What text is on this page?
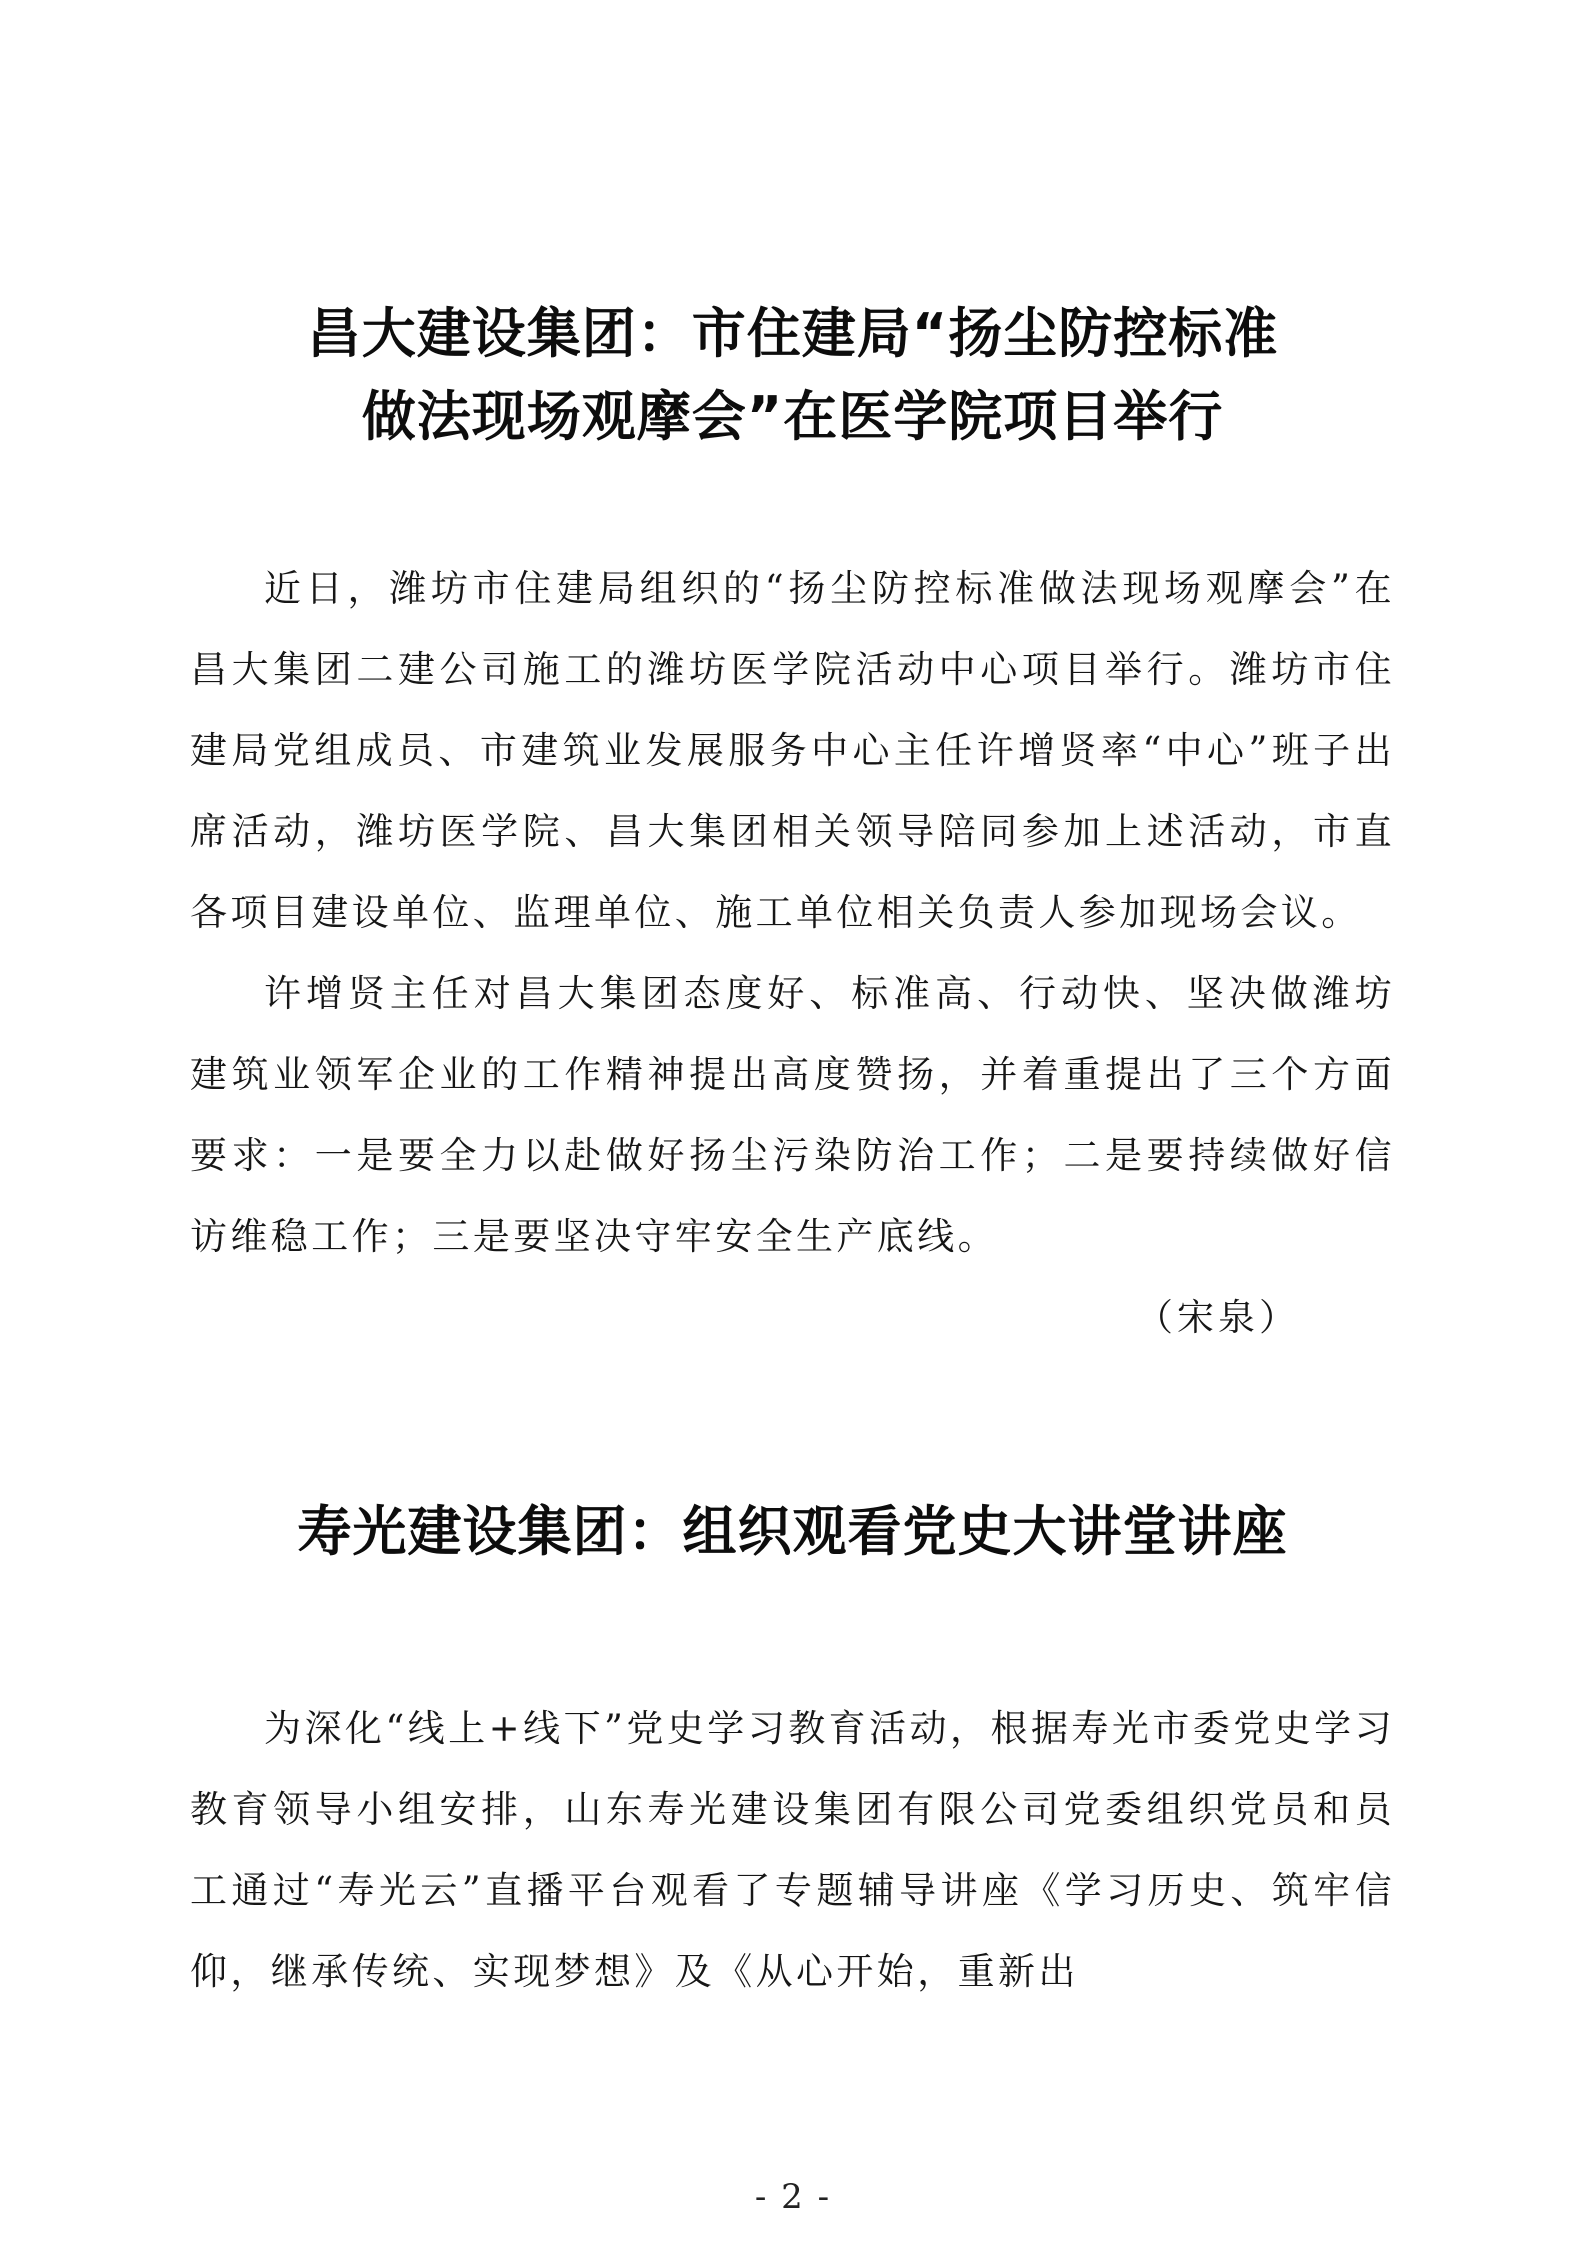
昌大建设集团：市住建局“扬尘防控标准
做法现场观摩会”在医学院项目举行

近日，潍坊市住建局组织的“扬尘防控标准做法现场观摩会”在昌大集团二建公司施工的潍坊医学院活动中心项目举行。潍坊市住建局党组成员、市建筑业发展服务中心主任许增贤率“中心”班子出席活动，潍坊医学院、昌大集团相关领导陪同参加上述活动，市直各项目建设单位、监理单位、施工单位相关负责人参加现场会议。

许增贤主任对昌大集团态度好、标准高、行动快、坚决做潍坊建筑业领军企业的工作精神提出高度赞扬，并着重提出了三个方面要求：一是要全力以赴做好扬尘污染防治工作；二是要持续做好信访维稳工作；三是要坚决守牢安全生产底线。

（宋泉）

寿光建设集团：组织观看党史大讲堂讲座

为深化“线上+线下”党史学习教育活动，根据寿光市委党史学习教育领导小组安排，山东寿光建设集团有限公司党委组织党员和员工通过“寿光云”直播平台观看了专题辅导讲座《学习历史、筑牢信仰，继承传统、实现梦想》及《从心开始，重新出

- 2 -
